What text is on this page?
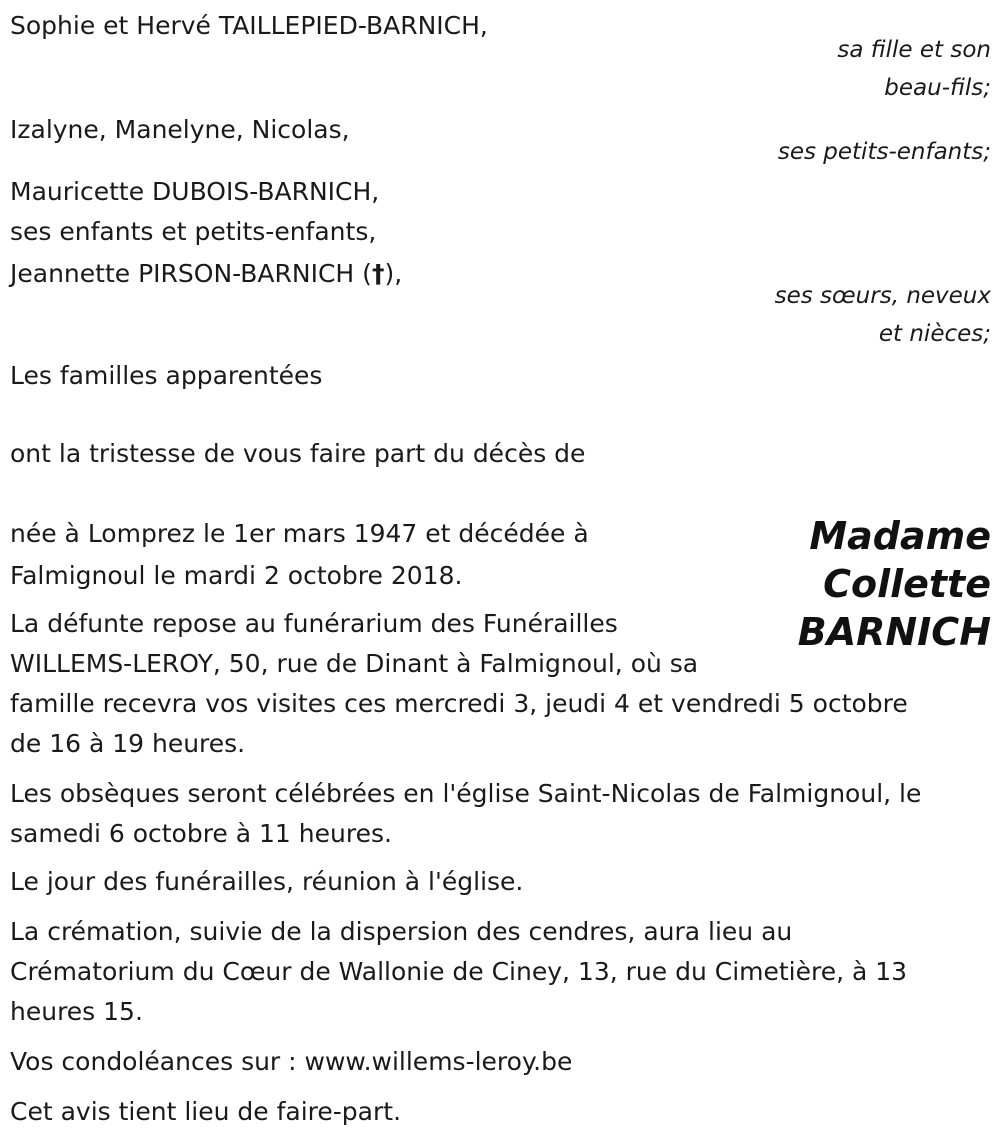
Sophie et Hervé TAILLEPIED-BARNICH,
sa fille et son
beau-fils;
Izalyne, Manelyne, Nicolas,
ses petits-enfants;
Mauricette DUBOIS-BARNICH,
ses enfants et petits-enfants,
Jeannette PIRSON-BARNICH (†),
ses sœurs, neveux
et nièces;
Les familles apparentées
ont la tristesse de vous faire part du décès de
Madame
Collette
BARNICH
née à Lomprez le 1er mars 1947 et décédée à
Falmignoul le mardi 2 octobre 2018.
La défunte repose au funérarium des Funérailles
WILLEMS-LEROY, 50, rue de Dinant à Falmignoul, où sa
famille recevra vos visites ces mercredi 3, jeudi 4 et vendredi 5 octobre
de 16 à 19 heures.
Les obsèques seront célébrées en l'église Saint-Nicolas de Falmignoul, le
samedi 6 octobre à 11 heures.
Le jour des funérailles, réunion à l'église.
La crémation, suivie de la dispersion des cendres, aura lieu au
Crématorium du Cœur de Wallonie de Ciney, 13, rue du Cimetière, à 13
heures 15.
Vos condoléances sur : www.willems-leroy.be
Cet avis tient lieu de faire-part.
